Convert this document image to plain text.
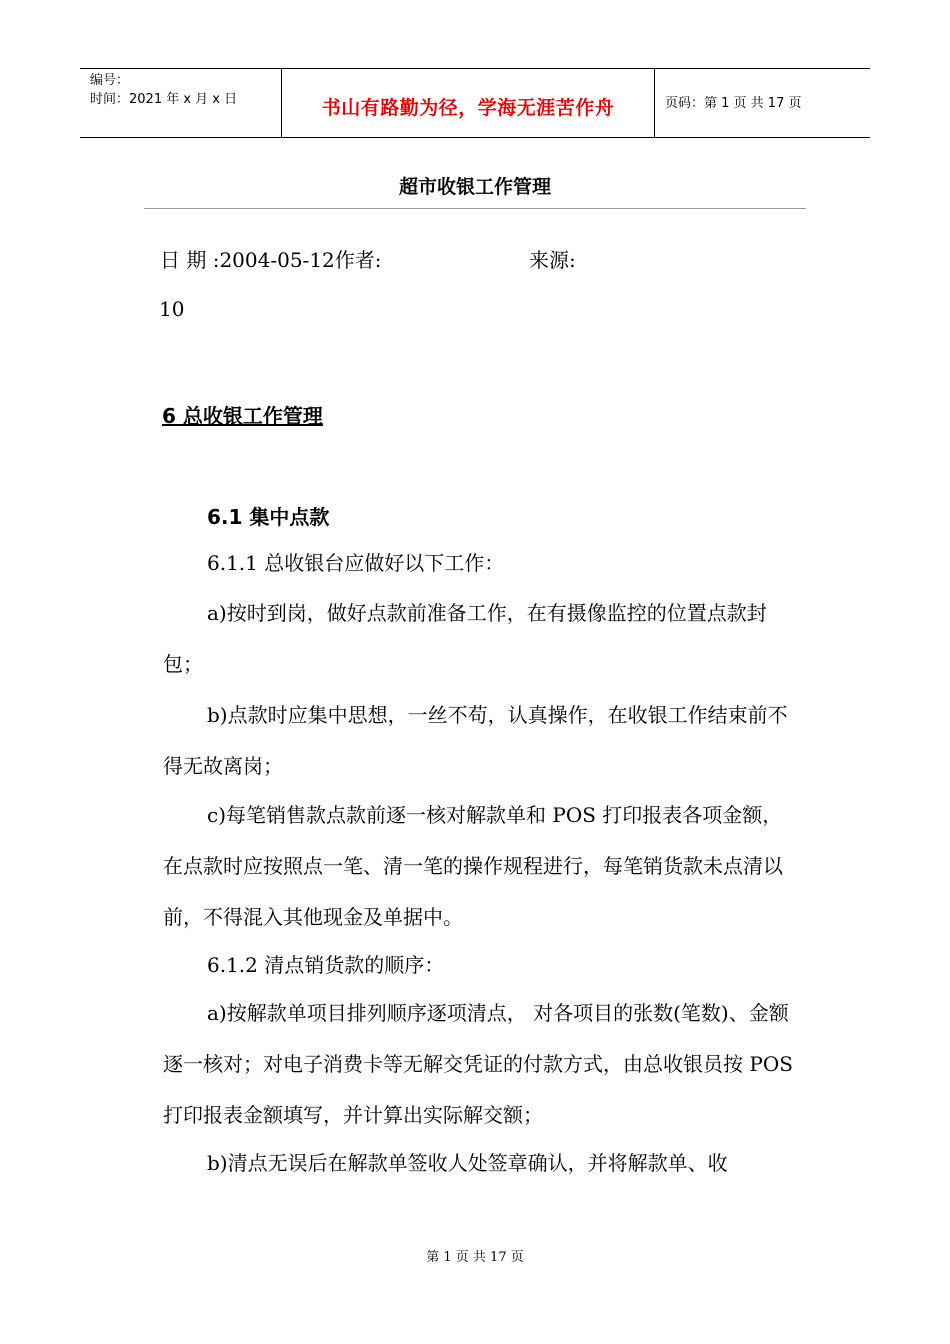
编号：
时间：2021 年 x 月 x 日	书山有路勤为径，学海无涯苦作舟	页码：第 1 页 共 17 页
超市收银工作管理
日 期 :2004-05-12作者:	来源:
10
6 总收银工作管理
6.1 集中点款
6.1.1 总收银台应做好以下工作：
a)按时到岗，做好点款前准备工作，在有摄像监控的位置点款封包；
b)点款时应集中思想，一丝不苟，认真操作，在收银工作结束前不得无故离岗；
c)每笔销售款点款前逐一核对解款单和 POS 打印报表各项金额，在点款时应按照点一笔、清一笔的操作规程进行，每笔销货款未点清以前，不得混入其他现金及单据中。
6.1.2 清点销货款的顺序：
a)按解款单项目排列顺序逐项清点， 对各项目的张数(笔数)、金额逐一核对；对电子消费卡等无解交凭证的付款方式，由总收银员按 POS 打印报表金额填写，并计算出实际解交额；
b)清点无误后在解款单签收人处签章确认，并将解款单、收
第 1 页 共 17 页
